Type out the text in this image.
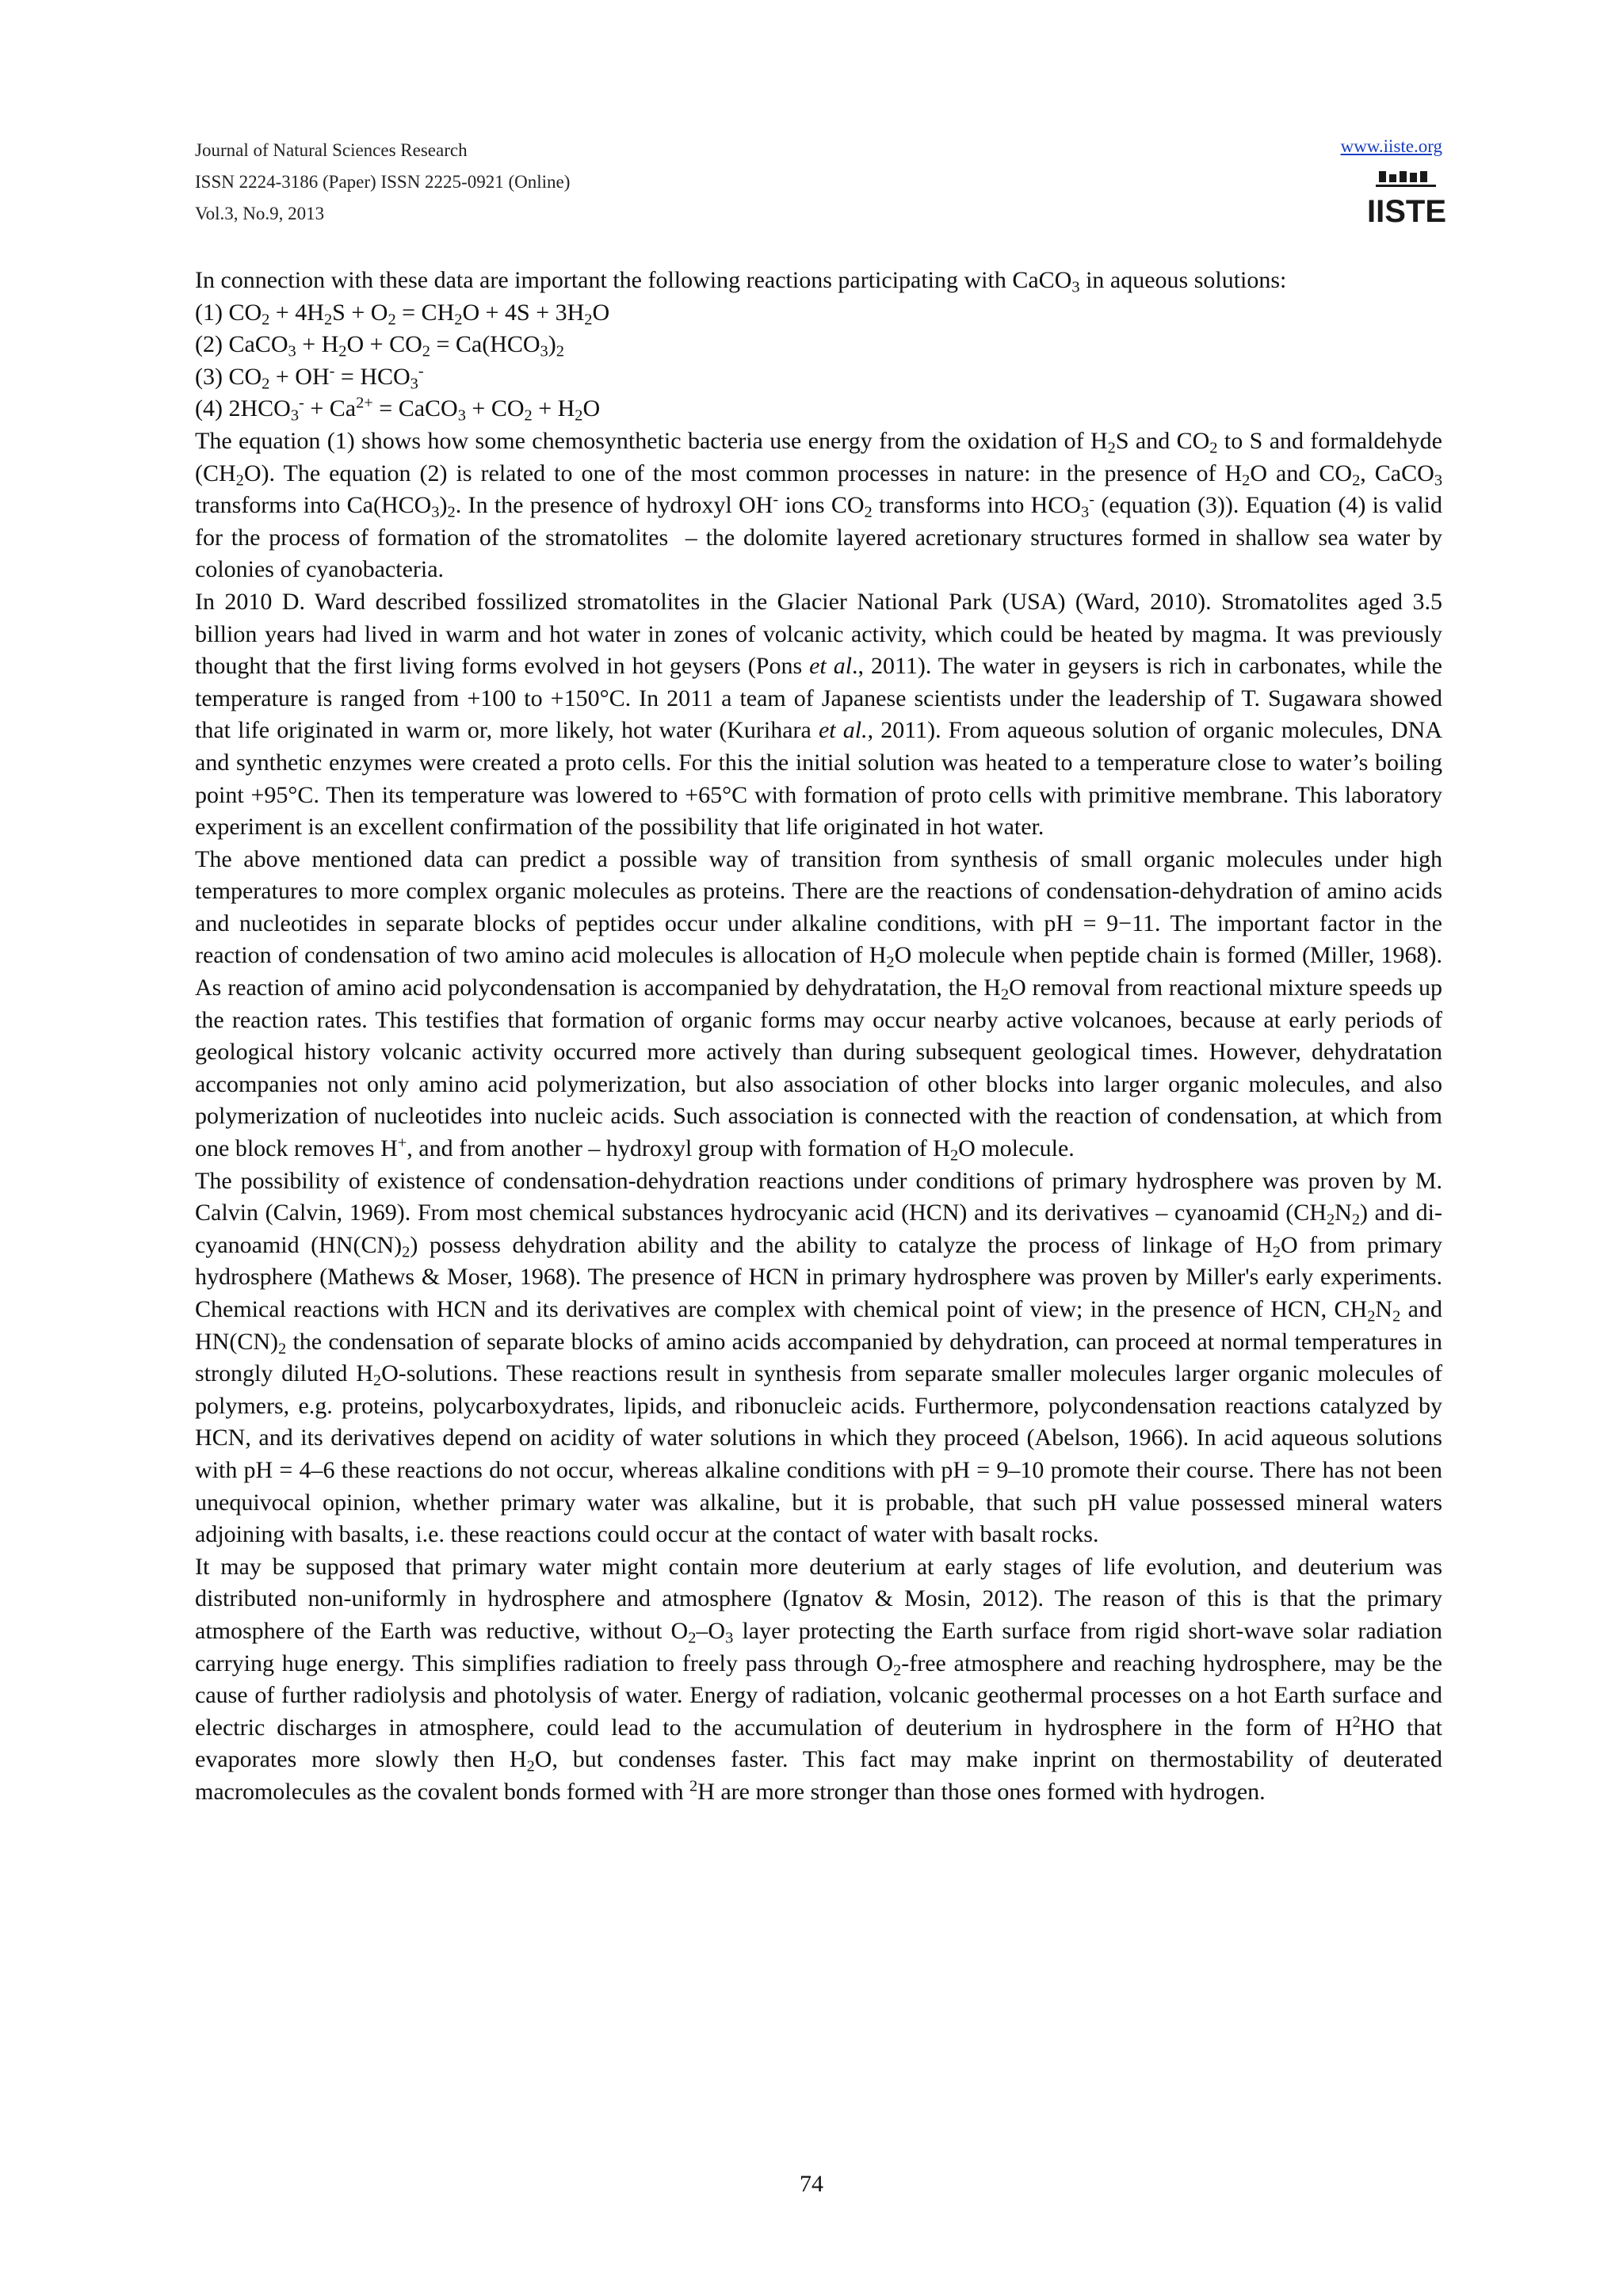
Journal of Natural Sciences Research
ISSN 2224-3186 (Paper) ISSN 2225-0921 (Online)
Vol.3, No.9, 2013
www.iiste.org
IISTE

In connection with these data are important the following reactions participating with CaCO$_3$ in aqueous solutions:

(1) $CO_2 + 4H_2S + O_2 = CH_2O + 4S + 3H_2O$

(2) CaCO$_3$ + $H_2O + CO_2 = Ca(HCO_3)_2$

(3) $CO_2 + OH^- = HCO_3^-$

(4) $2HCO_3^- + Ca^{2+}$ = CaCO$_3$ + $CO_2 + H_2O$

The equation (1) shows how some chemosynthetic bacteria use energy from the oxidation of $H_2S$ and $CO_2$ to S and formaldehyde $(CH_2O)$. The equation (2) is related to one of the most common processes in nature: in the presence of $H_2O$ and $CO_2$, CaCO$_3$ transforms into $Ca(HCO_3)_2$. In the presence of hydroxyl OH- ions $CO_2$ transforms into $HCO_3^-$ (equation (3)). Equation (4) is valid for the process of formation of the stromatolites  – the dolomite layered acretionary structures formed in shallow sea water by colonies of cyanobacteria.

In 2010 D. Ward described fossilized stromatolites in the Glacier National Park (USA) (Ward, 2010). Stromatolites aged 3.5 billion years had lived in warm and hot water in zones of volcanic activity, which could be heated by magma. It was previously thought that the first living forms evolved in hot geysers (Pons et al., 2011). The water in geysers is rich in carbonates, while the temperature is ranged from +100 to +150°C. In 2011 a team of Japanese scientists under the leadership of T. Sugawara showed that life originated in warm or, more likely, hot water (Kurihara et al., 2011). From aqueous solution of organic molecules, DNA and synthetic enzymes were created a proto cells. For this the initial solution was heated to a temperature close to water’s boiling point +95°C. Then its temperature was lowered to +65°C with formation of proto cells with primitive membrane. This laboratory experiment is an excellent confirmation of the possibility that life originated in hot water.

The above mentioned data can predict a possible way of transition from synthesis of small organic molecules under high temperatures to more complex organic molecules as proteins. There are the reactions of condensation-dehydration of amino acids and nucleotides in separate blocks of peptides occur under alkaline conditions, with pH = 9−11. The important factor in the reaction of condensation of two amino acid molecules is allocation of $H_2O$ molecule when peptide chain is formed (Miller, 1968). As reaction of amino acid polycondensation is accompanied by dehydratation, the $H_2O$ removal from reactional mixture speeds up the reaction rates. This testifies that formation of organic forms may occur nearby active volcanoes, because at early periods of geological history volcanic activity occurred more actively than during subsequent geological times. However, dehydratation accompanies not only amino acid polymerization, but also association of other blocks into larger organic molecules, and also polymerization of nucleotides into nucleic acids. Such association is connected with the reaction of condensation, at which from one block removes H+, and from another – hydroxyl group with formation of $H_2O$ molecule.

The possibility of existence of condensation-dehydration reactions under conditions of primary hydrosphere was proven by M. Calvin (Calvin, 1969). From most chemical substances hydrocyanic acid (HCN) and its derivatives – cyanoamid $(CH_2N_2)$ and di-cyanoamid $(HN(CN)_2)$ possess dehydration ability and the ability to catalyze the process of linkage of $H_2O$ from primary hydrosphere (Mathews & Moser, 1968). The presence of HCN in primary hydrosphere was proven by Miller's early experiments. Chemical reactions with HCN and its derivatives are complex with chemical point of view; in the presence of HCN, $CH_2N_2$ and $HN(CN)_2$ the condensation of separate blocks of amino acids accompanied by dehydration, can proceed at normal temperatures in strongly diluted $H_2O$-solutions. These reactions result in synthesis from separate smaller molecules larger organic molecules of polymers, e.g. proteins, polycarboxydrates, lipids, and ribonucleic acids. Furthermore, polycondensation reactions catalyzed by HCN, and its derivatives depend on acidity of water solutions in which they proceed (Abelson, 1966). In acid aqueous solutions with pH = 4–6 these reactions do not occur, whereas alkaline conditions with pH = 9–10 promote their course. There has not been unequivocal opinion, whether primary water was alkaline, but it is probable, that such pH value possessed mineral waters adjoining with basalts, i.e. these reactions could occur at the contact of water with basalt rocks.

It may be supposed that primary water might contain more deuterium at early stages of life evolution, and deuterium was distributed non-uniformly in hydrosphere and atmosphere (Ignatov & Mosin, 2012). The reason of this is that the primary atmosphere of the Earth was reductive, without $O_2-O_3$ layer protecting the Earth surface from rigid short-wave solar radiation carrying huge energy. This simplifies radiation to freely pass through $O_2$-free atmosphere and reaching hydrosphere, may be the cause of further radiolysis and photolysis of water. Energy of radiation, volcanic geothermal processes on a hot Earth surface and electric discharges in atmosphere, could lead to the accumulation of deuterium in hydrosphere in the form of $H^2HO$ that evaporates more slowly then $H_2O$, but condenses faster. This fact may make inprint on thermostability of deuterated macromolecules as the covalent bonds formed with $^2$H are more stronger than those ones formed with hydrogen.

74
